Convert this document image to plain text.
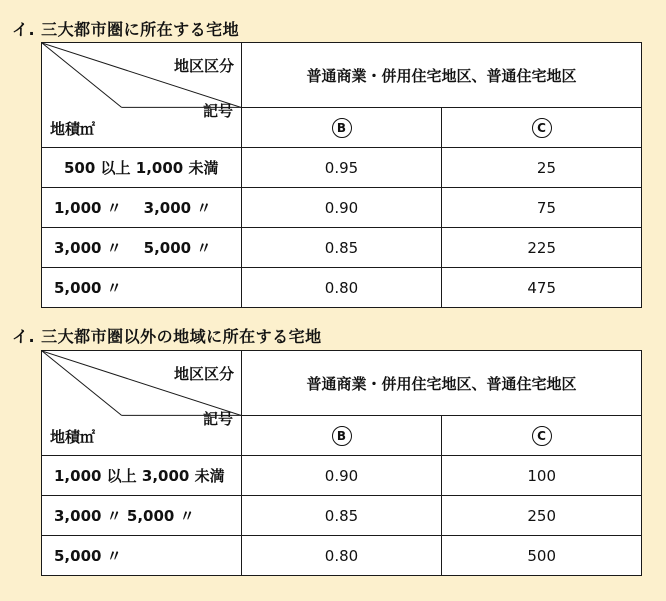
イ. 三大都市圏に所在する宅地
地区区分
記号
地積㎡	普通商業・併用住宅地区、普通住宅地区	
	B	C
500 以上 1,000 未満	0.95	25
1,000 〃 3,000 〃	0.90	75
3,000 〃 5,000 〃	0.85	225
5,000 〃	0.80	475
イ. 三大都市圏以外の地域に所在する宅地
地区区分
記号
地積㎡	普通商業・併用住宅地区、普通住宅地区	
	B	C
1,000 以上 3,000 未満	0.90	100
3,000 〃 5,000 〃	0.85	250
5,000 〃	0.80	500
